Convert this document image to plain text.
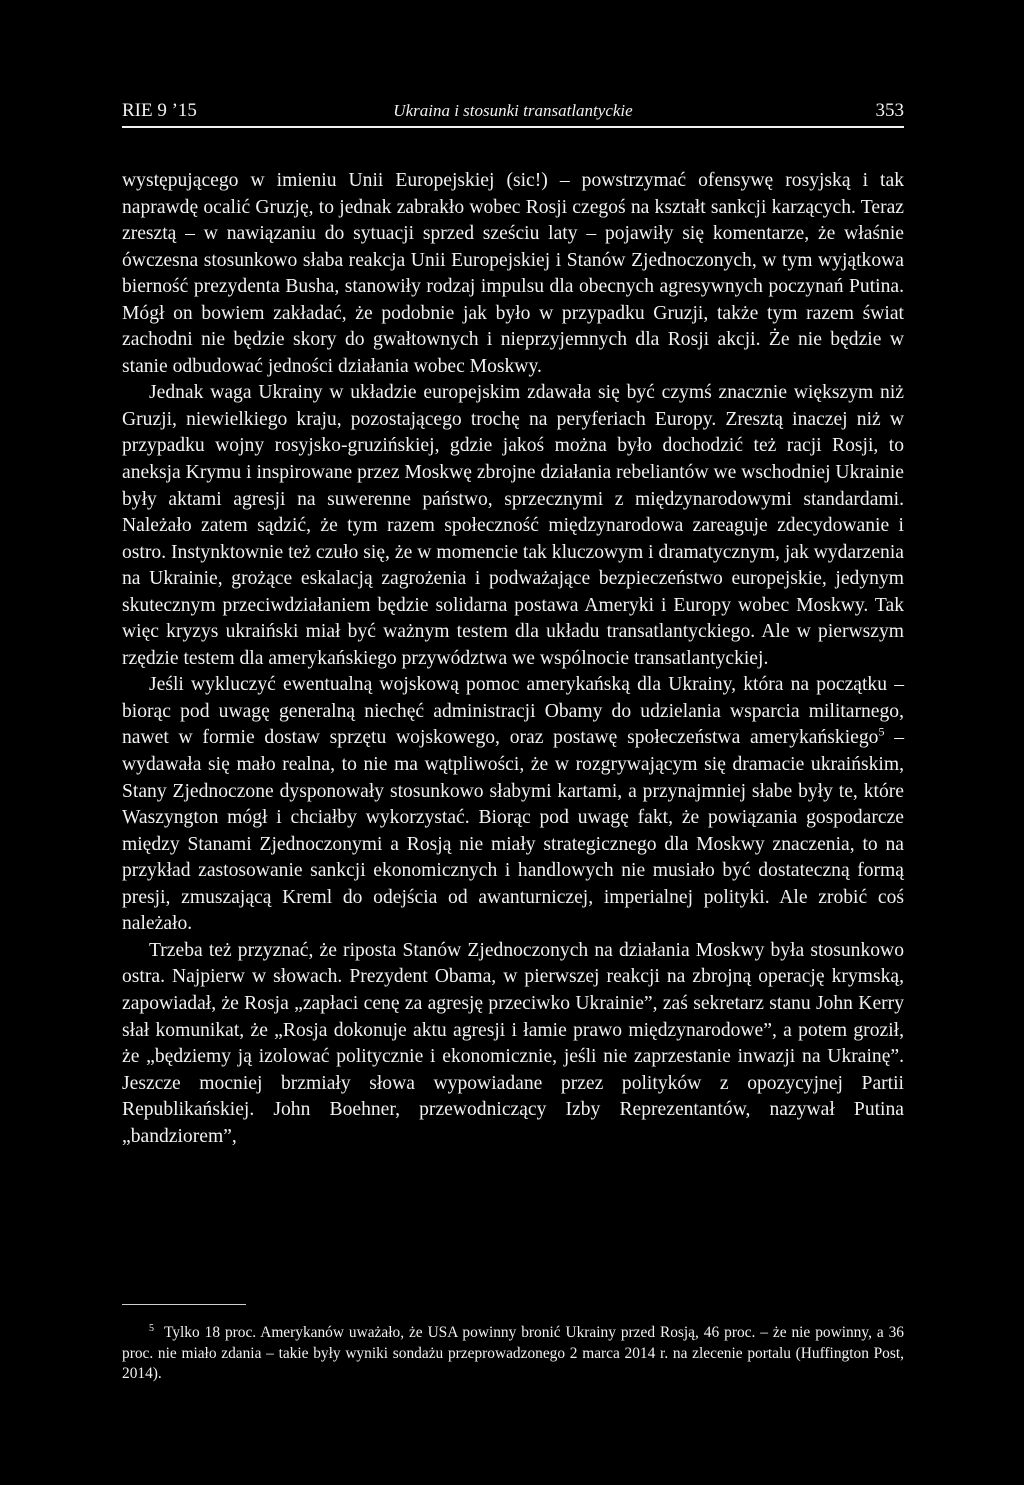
RIE 9 ’15	Ukraina i stosunki transatlantyckie	353

występującego w imieniu Unii Europejskiej (sic!) – powstrzymać ofensywę rosyjską i tak naprawdę ocalić Gruzję, to jednak zabrakło wobec Rosji czegoś na kształt sankcji karzących. Teraz zresztą – w nawiązaniu do sytuacji sprzed sześciu laty – pojawiły się komentarze, że właśnie ówczesna stosunkowo słaba reakcja Unii Europejskiej i Stanów Zjednoczonych, w tym wyjątkowa bierność prezydenta Busha, stanowiły rodzaj impulsu dla obecnych agresywnych poczynań Putina. Mógł on bowiem zakładać, że podobnie jak było w przypadku Gruzji, także tym razem świat zachodni nie będzie skory do gwałtownych i nieprzyjemnych dla Rosji akcji. Że nie będzie w stanie odbudować jedności działania wobec Moskwy.

Jednak waga Ukrainy w układzie europejskim zdawała się być czymś znacznie większym niż Gruzji, niewielkiego kraju, pozostającego trochę na peryferiach Europy. Zresztą inaczej niż w przypadku wojny rosyjsko-gruzińskiej, gdzie jakoś można było dochodzić też racji Rosji, to aneksja Krymu i inspirowane przez Moskwę zbrojne działania rebeliantów we wschodniej Ukrainie były aktami agresji na suwerenne państwo, sprzecznymi z międzynarodowymi standardami. Należało zatem sądzić, że tym razem społeczność międzynarodowa zareaguje zdecydowanie i ostro. Instynktownie też czuło się, że w momencie tak kluczowym i dramatycznym, jak wydarzenia na Ukrainie, grożące eskalacją zagrożenia i podważające bezpieczeństwo europejskie, jedynym skutecznym przeciwdziałaniem będzie solidarna postawa Ameryki i Europy wobec Moskwy. Tak więc kryzys ukraiński miał być ważnym testem dla układu transatlantyckiego. Ale w pierwszym rzędzie testem dla amerykańskiego przywództwa we wspólnocie transatlantyckiej.

Jeśli wykluczyć ewentualną wojskową pomoc amerykańską dla Ukrainy, która na początku – biorąc pod uwagę generalną niechęć administracji Obamy do udzielania wsparcia militarnego, nawet w formie dostaw sprzętu wojskowego, oraz postawę społeczeństwa amerykańskiego$^5$ – wydawała się mało realna, to nie ma wątpliwości, że w rozgrywającym się dramacie ukraińskim, Stany Zjednoczone dysponowały stosunkowo słabymi kartami, a przynajmniej słabe były te, które Waszyngton mógł i chciałby wykorzystać. Biorąc pod uwagę fakt, że powiązania gospodarcze między Stanami Zjednoczonymi a Rosją nie miały strategicznego dla Moskwy znaczenia, to na przykład zastosowanie sankcji ekonomicznych i handlowych nie musiało być dostateczną formą presji, zmuszającą Kreml do odejścia od awanturniczej, imperialnej polityki. Ale zrobić coś należało.

Trzeba też przyznać, że riposta Stanów Zjednoczonych na działania Moskwy była stosunkowo ostra. Najpierw w słowach. Prezydent Obama, w pierwszej reakcji na zbrojną operację krymską, zapowiadał, że Rosja „zapłaci cenę za agresję przeciwko Ukrainie”, zaś sekretarz stanu John Kerry słał komunikat, że „Rosja dokonuje aktu agresji i łamie prawo międzynarodowe”, a potem groził, że „będziemy ją izolować politycznie i ekonomicznie, jeśli nie zaprzestanie inwazji na Ukrainę”. Jeszcze mocniej brzmiały słowa wypowiadane przez polityków z opozycyjnej Partii Republikańskiej. John Boehner, przewodniczący Izby Reprezentantów, nazywał Putina „bandziorem”,

$^5$ Tylko 18 proc. Amerykanów uważało, że USA powinny bronić Ukrainy przed Rosją, 46 proc. – że nie powinny, a 36 proc. nie miało zdania – takie były wyniki sondażu przeprowadzonego 2 marca 2014 r. na zlecenie portalu (Huffington Post, 2014).
